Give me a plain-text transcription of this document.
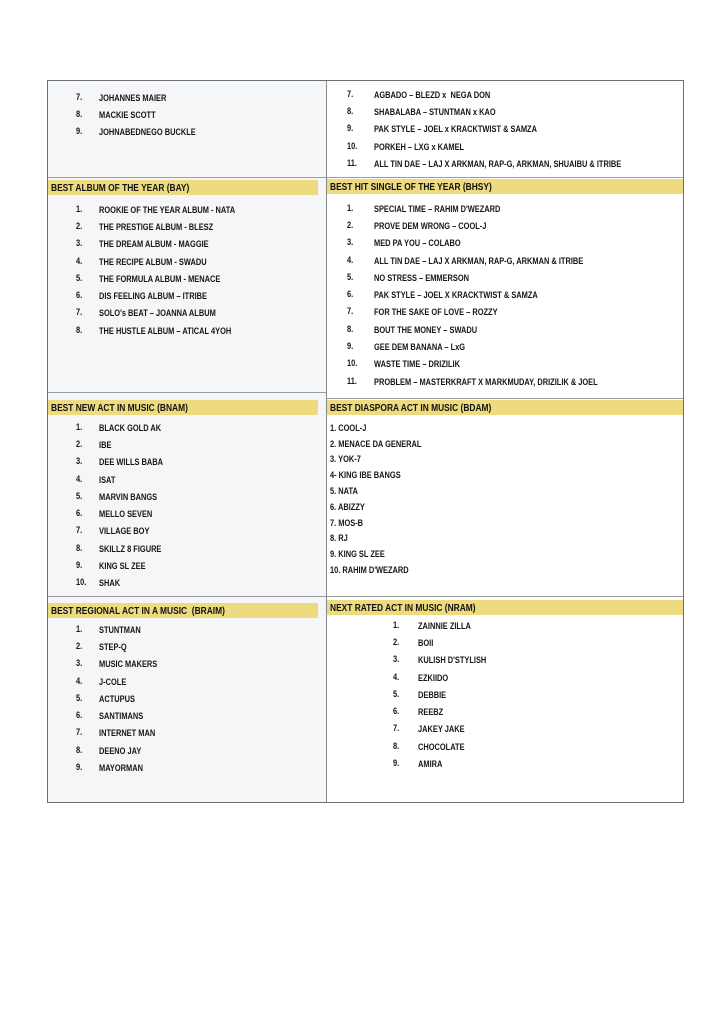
7.	JOHANNES MAIER
8.	MACKIE SCOTT
9.	JOHNABEDNEGO BUCKLE
BEST ALBUM OF THE YEAR (BAY)
1.	ROOKIE OF THE YEAR ALBUM - NATA
2.	THE PRESTIGE ALBUM - BLESZ
3.	THE DREAM ALBUM - MAGGIE
4.	THE RECIPE ALBUM - SWADU
5.	THE FORMULA ALBUM - MENACE
6.	DIS FEELING ALBUM – ITRIBE
7.	SOLO's BEAT – JOANNA ALBUM
8.	THE HUSTLE ALBUM – ATICAL 4YOH
BEST NEW ACT IN MUSIC (BNAM)
1.	BLACK GOLD AK
2.	IBE
3.	DEE WILLS BABA
4.	ISAT
5.	MARVIN BANGS
6.	MELLO SEVEN
7.	VILLAGE BOY
8.	SKILLZ 8 FIGURE
9.	KING SL ZEE
10.	SHAK
BEST REGIONAL ACT IN A MUSIC  (BRAIM)
1.	STUNTMAN
2.	STEP-Q
3.	MUSIC MAKERS
4.	J-COLE
5.	ACTUPUS
6.	SANTIMANS
7.	INTERNET MAN
8.	DEENO JAY
9.	MAYORMAN
7.	AGBADO – BLEZD x  NEGA DON
8.	SHABALABA – STUNTMAN x KAO
9.	PAK STYLE – JOEL x KRACKTWIST & SAMZA
10.	PORKEH – LXG x KAMEL
11.	ALL TIN DAE – LAJ X ARKMAN, RAP-G, ARKMAN, SHUAIBU & ITRIBE
BEST HIT SINGLE OF THE YEAR (BHSY)
1.	SPECIAL TIME – RAHIM D'WEZARD
2.	PROVE DEM WRONG – COOL-J
3.	MED PA YOU – COLABO
4.	ALL TIN DAE – LAJ X ARKMAN, RAP-G, ARKMAN & ITRIBE
5.	NO STRESS – EMMERSON
6.	PAK STYLE – JOEL X KRACKTWIST & SAMZA
7.	FOR THE SAKE OF LOVE – ROZZY
8.	BOUT THE MONEY – SWADU
9.	GEE DEM BANANA – LxG
10.	WASTE TIME – DRIZILIK
11.	PROBLEM – MASTERKRAFT X MARKMUDAY, DRIZILIK & JOEL
BEST DIASPORA ACT IN MUSIC (BDAM)
1. COOL-J
2. MENACE DA GENERAL
3. YOK-7
4- KING IBE BANGS
5. NATA
6. ABIZZY
7. MOS-B
8. RJ
9. KING SL ZEE
10. RAHIM D'WEZARD
NEXT RATED ACT IN MUSIC (NRAM)
1.	ZAINNIE ZILLA
2.	BOII
3.	KULISH D'STYLISH
4.	EZKIIDO
5.	DEBBIE
6.	REEBZ
7.	JAKEY JAKE
8.	CHOCOLATE
9.	AMIRA
